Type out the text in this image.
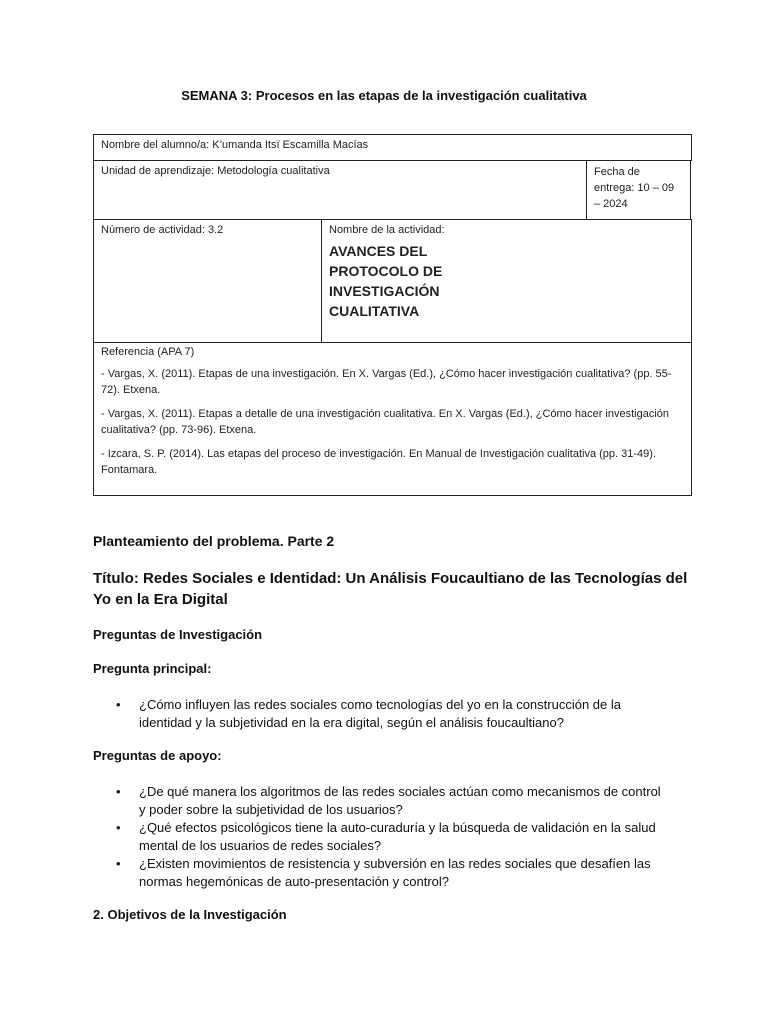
SEMANA 3: Procesos en las etapas de la investigación cualitativa
Nombre del alumno/a: K’umanda Itsï Escamilla Macías
Unidad de aprendizaje: Metodología cualitativa	Fecha de
entrega: 10 – 09
– 2024
Número de actividad: 3.2	Nombre de la actividad:
AVANCES DEL
PROTOCOLO DE
INVESTIGACIÓN
CUALITATIVA
Referencia (APA 7)
- Vargas, X. (2011). Etapas de una investigación. En X. Vargas (Ed.), ¿Cómo hacer investigación cualitativa? (pp. 55-72). Etxena.
- Vargas, X. (2011). Etapas a detalle de una investigación cualitativa. En X. Vargas (Ed.), ¿Cómo hacer investigación cualitativa? (pp. 73-96). Etxena.
- Izcara, S. P. (2014). Las etapas del proceso de investigación. En Manual de Investigación cualitativa (pp. 31-49). Fontamara.
Planteamiento del problema. Parte 2
Título: Redes Sociales e Identidad: Un Análisis Foucaultiano de las Tecnologías del Yo en la Era Digital
Preguntas de Investigación
Pregunta principal:
• ¿Cómo influyen las redes sociales como tecnologías del yo en la construcción de la identidad y la subjetividad en la era digital, según el análisis foucaultiano?
Preguntas de apoyo:
• ¿De qué manera los algoritmos de las redes sociales actúan como mecanismos de control y poder sobre la subjetividad de los usuarios?
• ¿Qué efectos psicológicos tiene la auto-curaduría y la búsqueda de validación en la salud mental de los usuarios de redes sociales?
• ¿Existen movimientos de resistencia y subversión en las redes sociales que desafíen las normas hegemónicas de auto-presentación y control?
2. Objetivos de la Investigación
